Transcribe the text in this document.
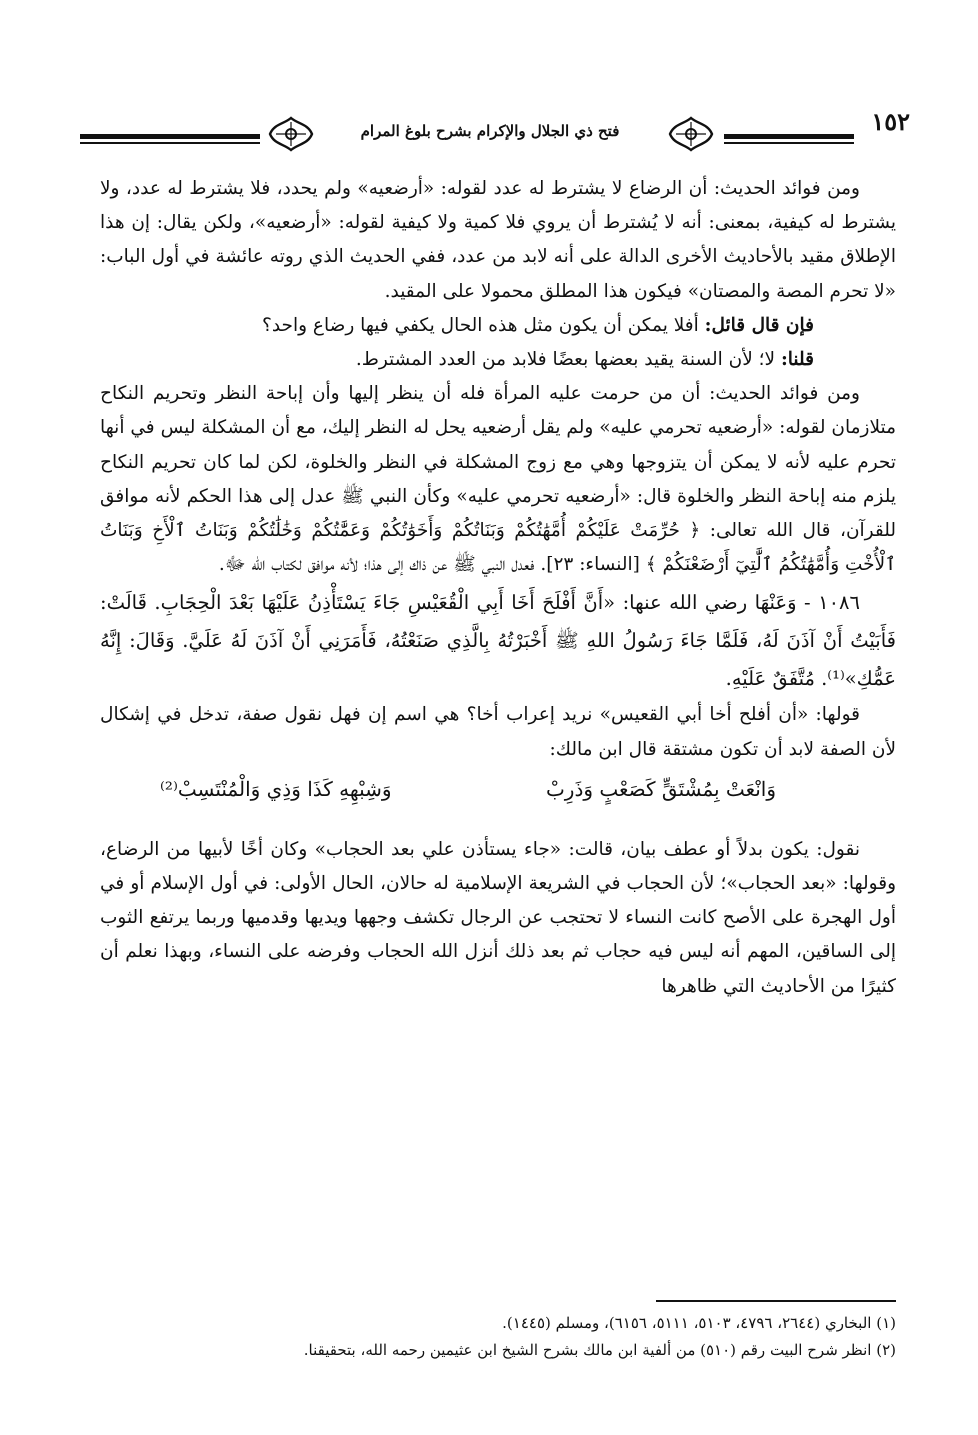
١٥٢
فتح ذي الجلال والإكرام بشرح بلوغ المرام

ومن فوائد الحديث: أن الرضاع لا يشترط له عدد لقوله: «أرضعيه» ولم يحدد، فلا يشترط له عدد، ولا يشترط له كيفية، بمعنى: أنه لا يُشترط أن يروي فلا كمية ولا كيفية لقوله: «أرضعيه»، ولكن يقال: إن هذا الإطلاق مقيد بالأحاديث الأخرى الدالة على أنه لابد من عدد، ففي الحديث الذي روته عائشة في أول الباب: «لا تحرم المصة والمصتان» فيكون هذا المطلق محمولا على المقيد.

فإن قال قائل: أفلا يمكن أن يكون مثل هذه الحال يكفي فيها رضاع واحد؟

قلنا: لا؛ لأن السنة يقيد بعضها بعضًا فلابد من العدد المشترط.

ومن فوائد الحديث: أن من حرمت عليه المرأة فله أن ينظر إليها وأن إباحة النظر وتحريم النكاح متلازمان لقوله: «أرضعيه تحرمي عليه» ولم يقل أرضعيه يحل له النظر إليك، مع أن المشكلة ليس في أنها تحرم عليه لأنه لا يمكن أن يتزوجها وهي مع زوج المشكلة في النظر والخلوة، لكن لما كان تحريم النكاح يلزم منه إباحة النظر والخلوة قال: «أرضعيه تحرمي عليه» وكأن النبي ﷺ عدل إلى هذا الحكم لأنه موافق للقرآن، قال الله تعالى: ﴿ حُرِّمَتْ عَلَيْكُمْ أُمَّهَٰتُكُمْ وَبَنَاتُكُمْ وَأَخَوَٰتُكُمْ وَعَمَّٰتُكُمْ وَخَٰلَٰتُكُمْ وَبَنَاتُ ٱلْأَخِ وَبَنَاتُ ٱلْأُخْتِ وَأُمَّهَٰتُكُمُ ٱلَّٰتِيٓ أَرْضَعْنَكُمْ ﴾ [النساء: ٢٣]. فعدل النبي ﷺ عن ذاك إلى هذا؛ لأنه موافق لكتاب الله ﷻ.

١٠٨٦ - وَعَنْهَا رضي الله عنها: «أَنَّ أَفْلَحَ أَخَا أَبِي الْقُعَيْسِ جَاءَ يَسْتَأْذِنُ عَلَيْهَا بَعْدَ الْحِجَابِ. قَالَتْ: فَأَبَيْتُ أَنْ آذَنَ لَهُ، فَلَمَّا جَاءَ رَسُولُ اللهِ ﷺ أَخْبَرْتُهُ بِالَّذِي صَنَعْتُهُ، فَأَمَرَنِي أَنْ آذَنَ لَهُ عَلَيَّ. وَقَالَ: إِنَّهُ عَمُّكِ»⁽¹⁾. مُتَّفَقٌ عَلَيْهِ.

قولها: «أن أفلح أخا أبي القعيس» نريد إعراب أخا؟ هي اسم إن فهل نقول صفة، تدخل في إشكال لأن الصفة لابد أن تكون مشتقة قال ابن مالك:

وَانْعَتْ بِمُشْتَقٍّ كَصَعْبٍ وَذَرِبْ
وَشِبْهِهِ كَذَا وَذِي وَالْمُنْتَسِبْ⁽²⁾

نقول: يكون بدلاً أو عطف بيان، قالت: «جاء يستأذن علي بعد الحجاب» وكان أخًا لأبيها من الرضاع، وقولها: «بعد الحجاب»؛ لأن الحجاب في الشريعة الإسلامية له حالان، الحال الأولى: في أول الإسلام أو في أول الهجرة على الأصح كانت النساء لا تحتجب عن الرجال تكشف وجهها ويديها وقدميها وربما يرتفع الثوب إلى الساقين، المهم أنه ليس فيه حجاب ثم بعد ذلك أنزل الله الحجاب وفرضه على النساء، وبهذا نعلم أن كثيرًا من الأحاديث التي ظاهرها

(١) البخاري (٢٦٤٤، ٤٧٩٦، ٥١٠٣، ٥١١١، ٦١٥٦)، ومسلم (١٤٤٥).

(٢) انظر شرح البيت رقم (٥١٠) من ألفية ابن مالك بشرح الشيخ ابن عثيمين رحمه الله، بتحقيقنا.
